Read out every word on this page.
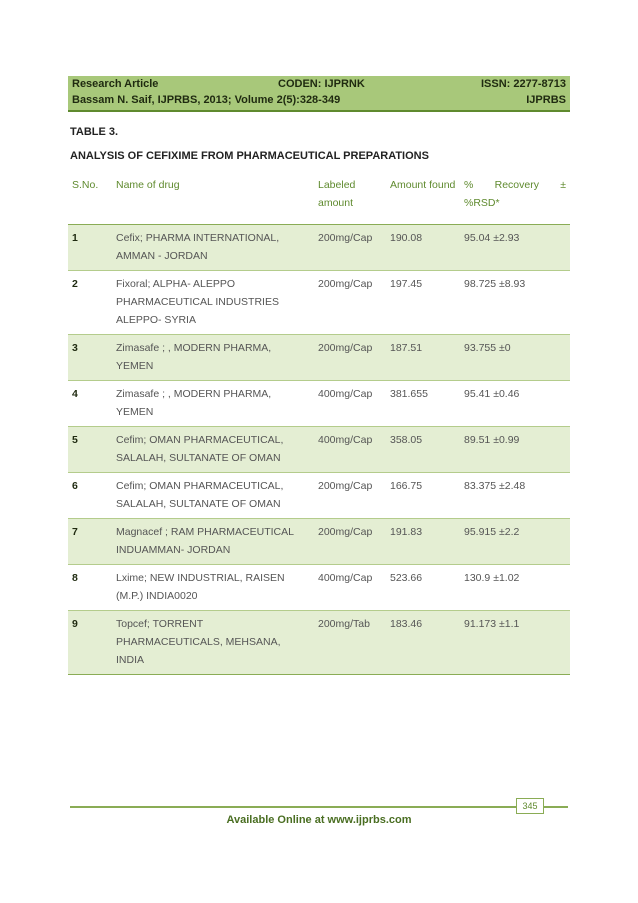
Research Article	CODEN: IJPRNK	ISSN: 2277-8713
Bassam N. Saif, IJPRBS, 2013; Volume 2(5):328-349	IJPRBS
TABLE 3.
ANALYSIS OF CEFIXIME FROM PHARMACEUTICAL PREPARATIONS
S.No.	Name of drug	Labeled amount	Amount found	% Recovery ±
%RSD*

1	Cefix; PHARMA INTERNATIONAL, AMMAN - JORDAN	200mg/Cap	190.08	95.04 ±2.93
2	Fixoral; ALPHA- ALEPPO PHARMACEUTICAL INDUSTRIES ALEPPO- SYRIA	200mg/Cap	197.45	98.725 ±8.93
3	Zimasafe ; , MODERN PHARMA, YEMEN	200mg/Cap	187.51	93.755 ±0
4	Zimasafe ; , MODERN PHARMA, YEMEN	400mg/Cap	381.655	95.41 ±0.46
5	Cefim; OMAN PHARMACEUTICAL, SALALAH, SULTANATE OF OMAN	400mg/Cap	358.05	89.51 ±0.99
6	Cefim; OMAN PHARMACEUTICAL, SALALAH, SULTANATE OF OMAN	200mg/Cap	166.75	83.375 ±2.48
7	Magnacef ; RAM PHARMACEUTICAL INDUAMMAN- JORDAN	200mg/Cap	191.83	95.915 ±2.2
8	Lxime; NEW INDUSTRIAL, RAISEN (M.P.) INDIA0020	400mg/Cap	523.66	130.9 ±1.02
9	Topcef; TORRENT PHARMACEUTICALS, MEHSANA, INDIA	200mg/Tab	183.46	91.173 ±1.1
345
Available Online at www.ijprbs.com
